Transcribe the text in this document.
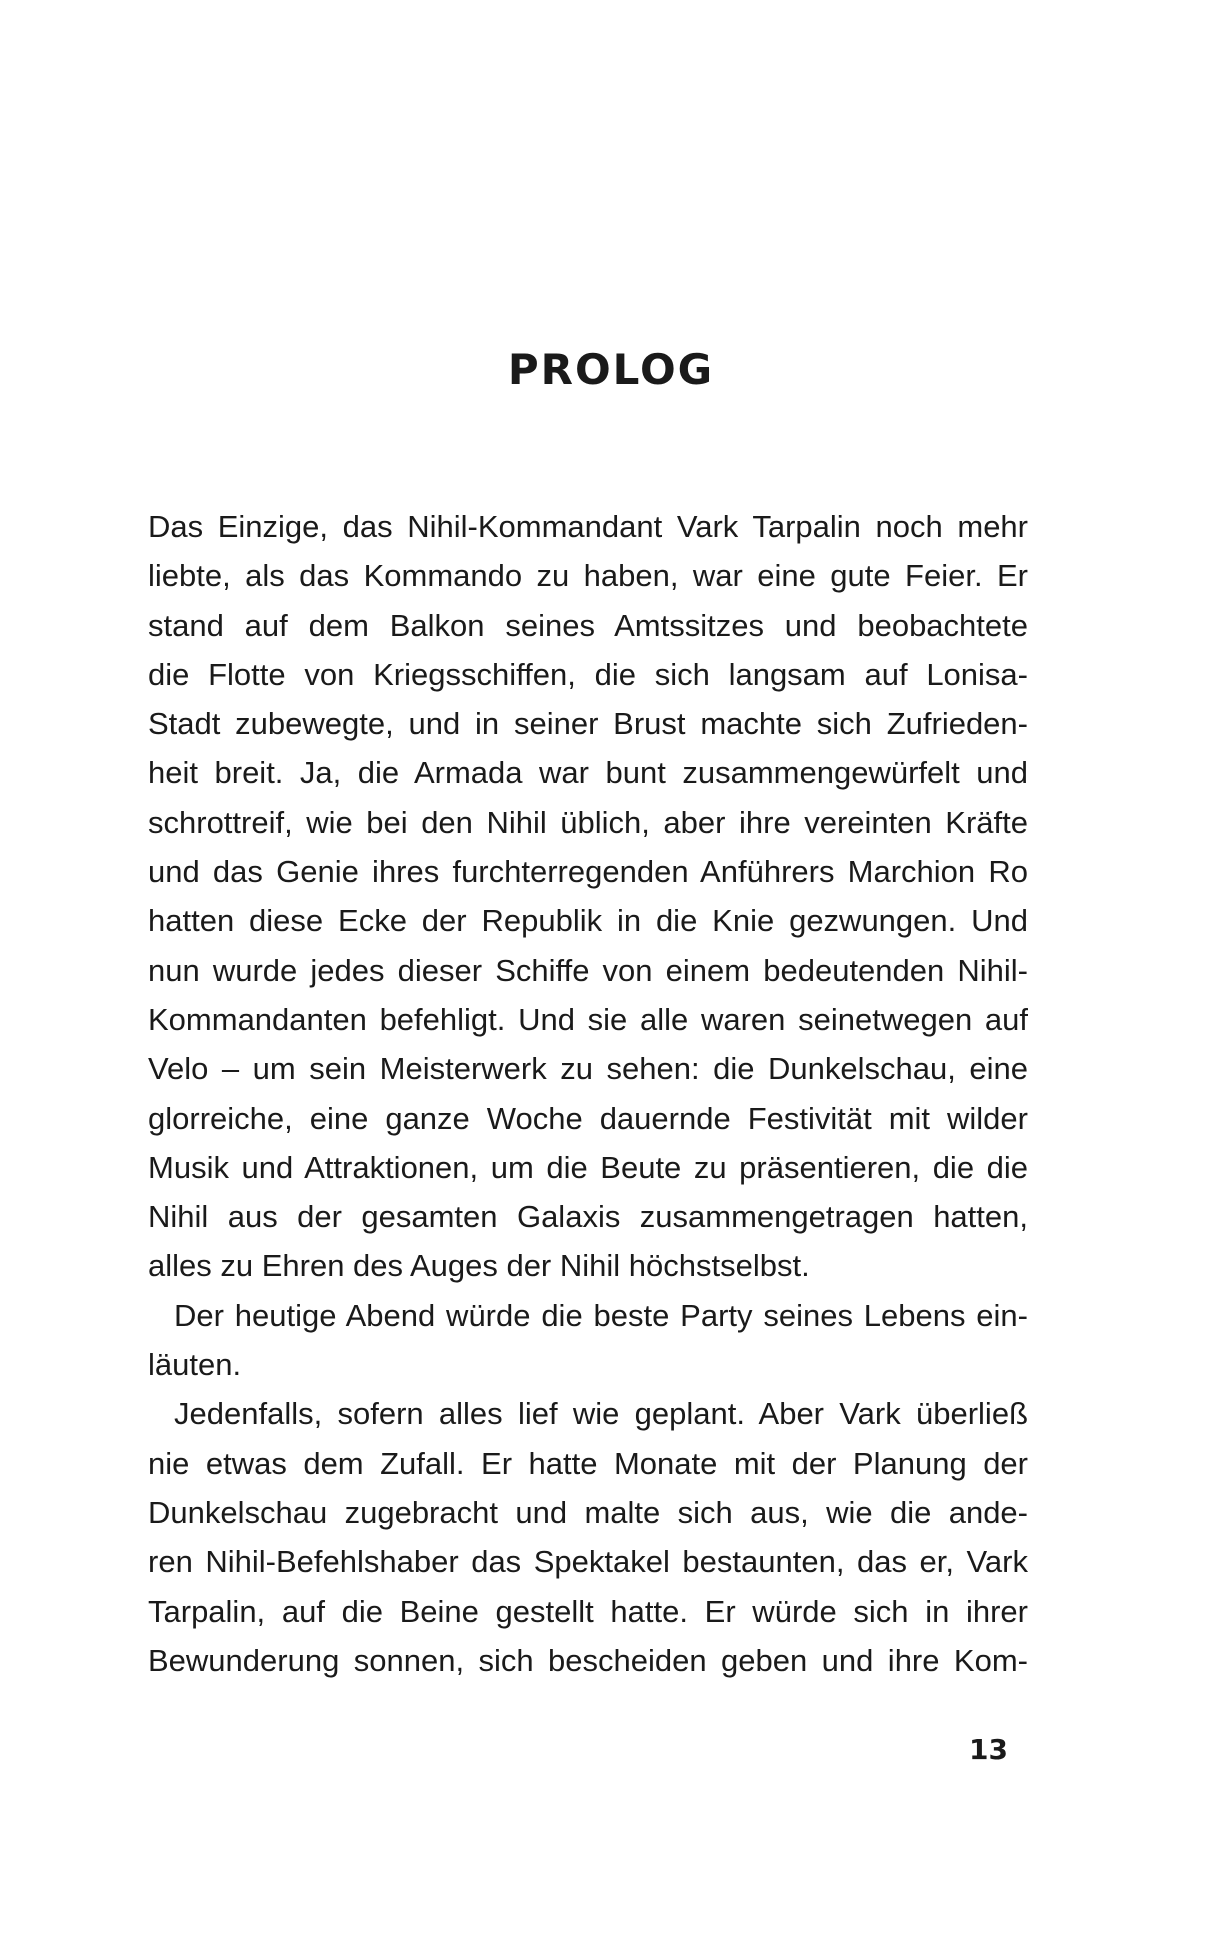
PROLOG
Das Einzige, das Nihil-Kommandant Vark Tarpalin noch mehr
liebte, als das Kommando zu haben, war eine gute Feier. Er
stand auf dem Balkon seines Amtssitzes und beobachtete
die Flotte von Kriegsschiffen, die sich langsam auf Lonisa-
Stadt zubewegte, und in seiner Brust machte sich Zufrieden-
heit breit. Ja, die Armada war bunt zusammengewürfelt und
schrottreif, wie bei den Nihil üblich, aber ihre vereinten Kräfte
und das Genie ihres furchterregenden Anführers Marchion Ro
hatten diese Ecke der Republik in die Knie gezwungen. Und
nun wurde jedes dieser Schiffe von einem bedeutenden Nihil-
Kommandanten befehligt. Und sie alle waren seinetwegen auf
Velo – um sein Meisterwerk zu sehen: die Dunkelschau, eine
glorreiche, eine ganze Woche dauernde Festivität mit wilder
Musik und Attraktionen, um die Beute zu präsentieren, die die
Nihil aus der gesamten Galaxis zusammengetragen hatten,
alles zu Ehren des Auges der Nihil höchstselbst.
Der heutige Abend würde die beste Party seines Lebens ein-
läuten.
Jedenfalls, sofern alles lief wie geplant. Aber Vark überließ
nie etwas dem Zufall. Er hatte Monate mit der Planung der
Dunkelschau zugebracht und malte sich aus, wie die ande-
ren Nihil-Befehlshaber das Spektakel bestaunten, das er, Vark
Tarpalin, auf die Beine gestellt hatte. Er würde sich in ihrer
Bewunderung sonnen, sich bescheiden geben und ihre Kom-
13
